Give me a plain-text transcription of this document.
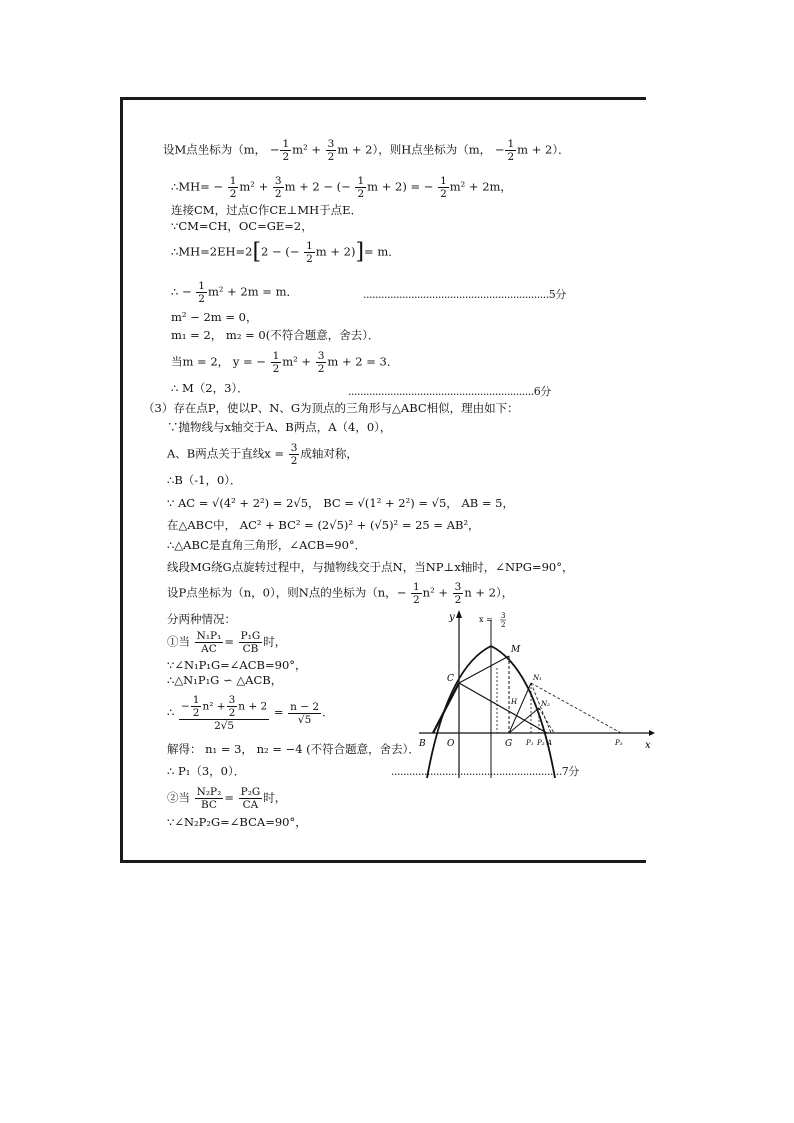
设M点坐标为（m， − $\frac{1}{2} m^2 + \frac{3}{2}$ m + 2），则H点坐标为（m， − $\frac{1}{2}$ m + 2）．
∴MH= − $\frac{1}{2} m^2 + \frac{3}{2}$ m + 2 − (− $\frac{1}{2}$ m + 2) = − $\frac{1}{2} m^2 + 2m$，
连接CM，过点C作CE⊥MH于点E．
∵CM=CH，OC=GE=2，
∴MH=2EH=2[2 − (− $\frac{1}{2}$ m + 2)]= m．
∴ − $\frac{1}{2} m^2 + 2m = m$．	..............................................................5分
m² − 2m = 0，
m₁ = 2， m₂ = 0(不符合题意，舍去）．
当m = 2， y = − $\frac{1}{2} m^2 + \frac{3}{2}$ m + 2 = 3．
∴ M（2，3）．	..............................................................6分
（3）存在点P，使以P、N、G为顶点的三角形与△ABC相似，理由如下：
∵抛物线与x轴交于A、B两点，A（4，0），
A、B两点关于直线$x = \frac{3}{2}$ 成轴对称，
∴B（-1，0）．
∵ AC = √(4² + 2²) = 2√5， BC = √(1² + 2²) = √5， AB = 5，
在△ABC中， AC² + BC² = (2√5)² + (√5)² = 25 = AB²，
∴△ABC是直角三角形，∠ACB=90°．
线段MG绕G点旋转过程中，与抛物线交于点N，当NP⊥x轴时，∠NPG=90°，
设P点坐标为（n，0），则N点的坐标为（n，− $\frac{1}{2} n^2 + \frac{3}{2}$ n + 2），
分两种情况：
①当 $\frac{\text{N₁P₁}}{AC} = \frac{\text{P₁G}}{CB}$ 时，
∵∠N₁P₁G=∠ACB=90°，
∴△N₁P₁G ∽ △ACB，
∴ $\frac{- \frac{1}{2} n^2 + \frac{3}{2} n + 2}{2√5} = \frac{n - 2}{√5}$ ．
解得： n₁ = 3， n₂ = −4 (不符合题意，舍去）．
∴ P₁（3，0）．	.........................................................7分
②当 $\frac{\text{N₂P₂}}{BC} = \frac{\text{P₂G}}{CA}$ 时，
∵∠N₂P₂G=∠BCA=90°，
y
x
x = 3
2
M
C
B O	G P₁ P₂ A	P₃
N₁
N₂
H
